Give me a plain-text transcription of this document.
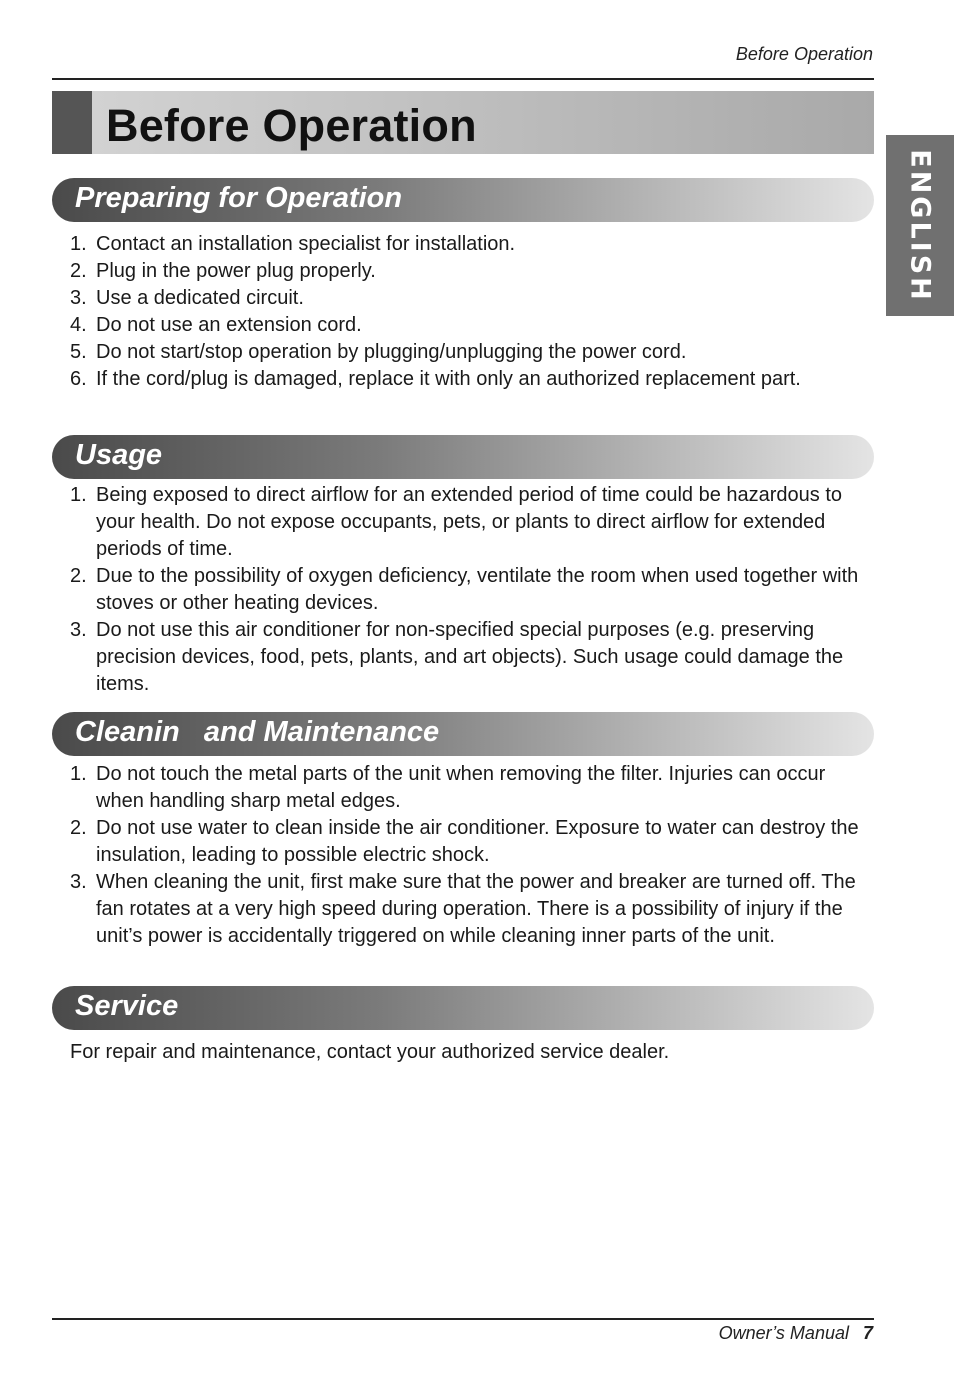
Before Operation
Before Operation
ENGLISH
Preparing for Operation
1. Contact an installation specialist for installation.
2. Plug in the power plug properly.
3. Use a dedicated circuit.
4. Do not use an extension cord.
5. Do not start/stop operation by plugging/unplugging the power cord.
6. If the cord/plug is damaged, replace it with only an authorized replacement part.
Usage
1. Being exposed to direct airflow for an extended period of time could be hazardous to your health. Do not expose occupants, pets, or plants to direct airflow for extended periods of time.
2. Due to the possibility of oxygen deficiency, ventilate the room when used together with stoves or other heating devices.
3. Do not use this air conditioner for non-specified special purposes (e.g. preserving precision devices, food, pets, plants, and art objects). Such usage could damage the items.
Cleanin   and Maintenance
1. Do not touch the metal parts of the unit when removing the filter. Injuries can occur when handling sharp metal edges.
2. Do not use water to clean inside the air conditioner. Exposure to water can destroy the insulation, leading to possible electric shock.
3. When cleaning the unit, first make sure that the power and breaker are turned off. The fan rotates at a very high speed during operation. There is a possibility of injury if the unit’s power is accidentally triggered on while cleaning inner parts of the unit.
Service

For repair and maintenance, contact your authorized service dealer.

Owner’s Manual 7
